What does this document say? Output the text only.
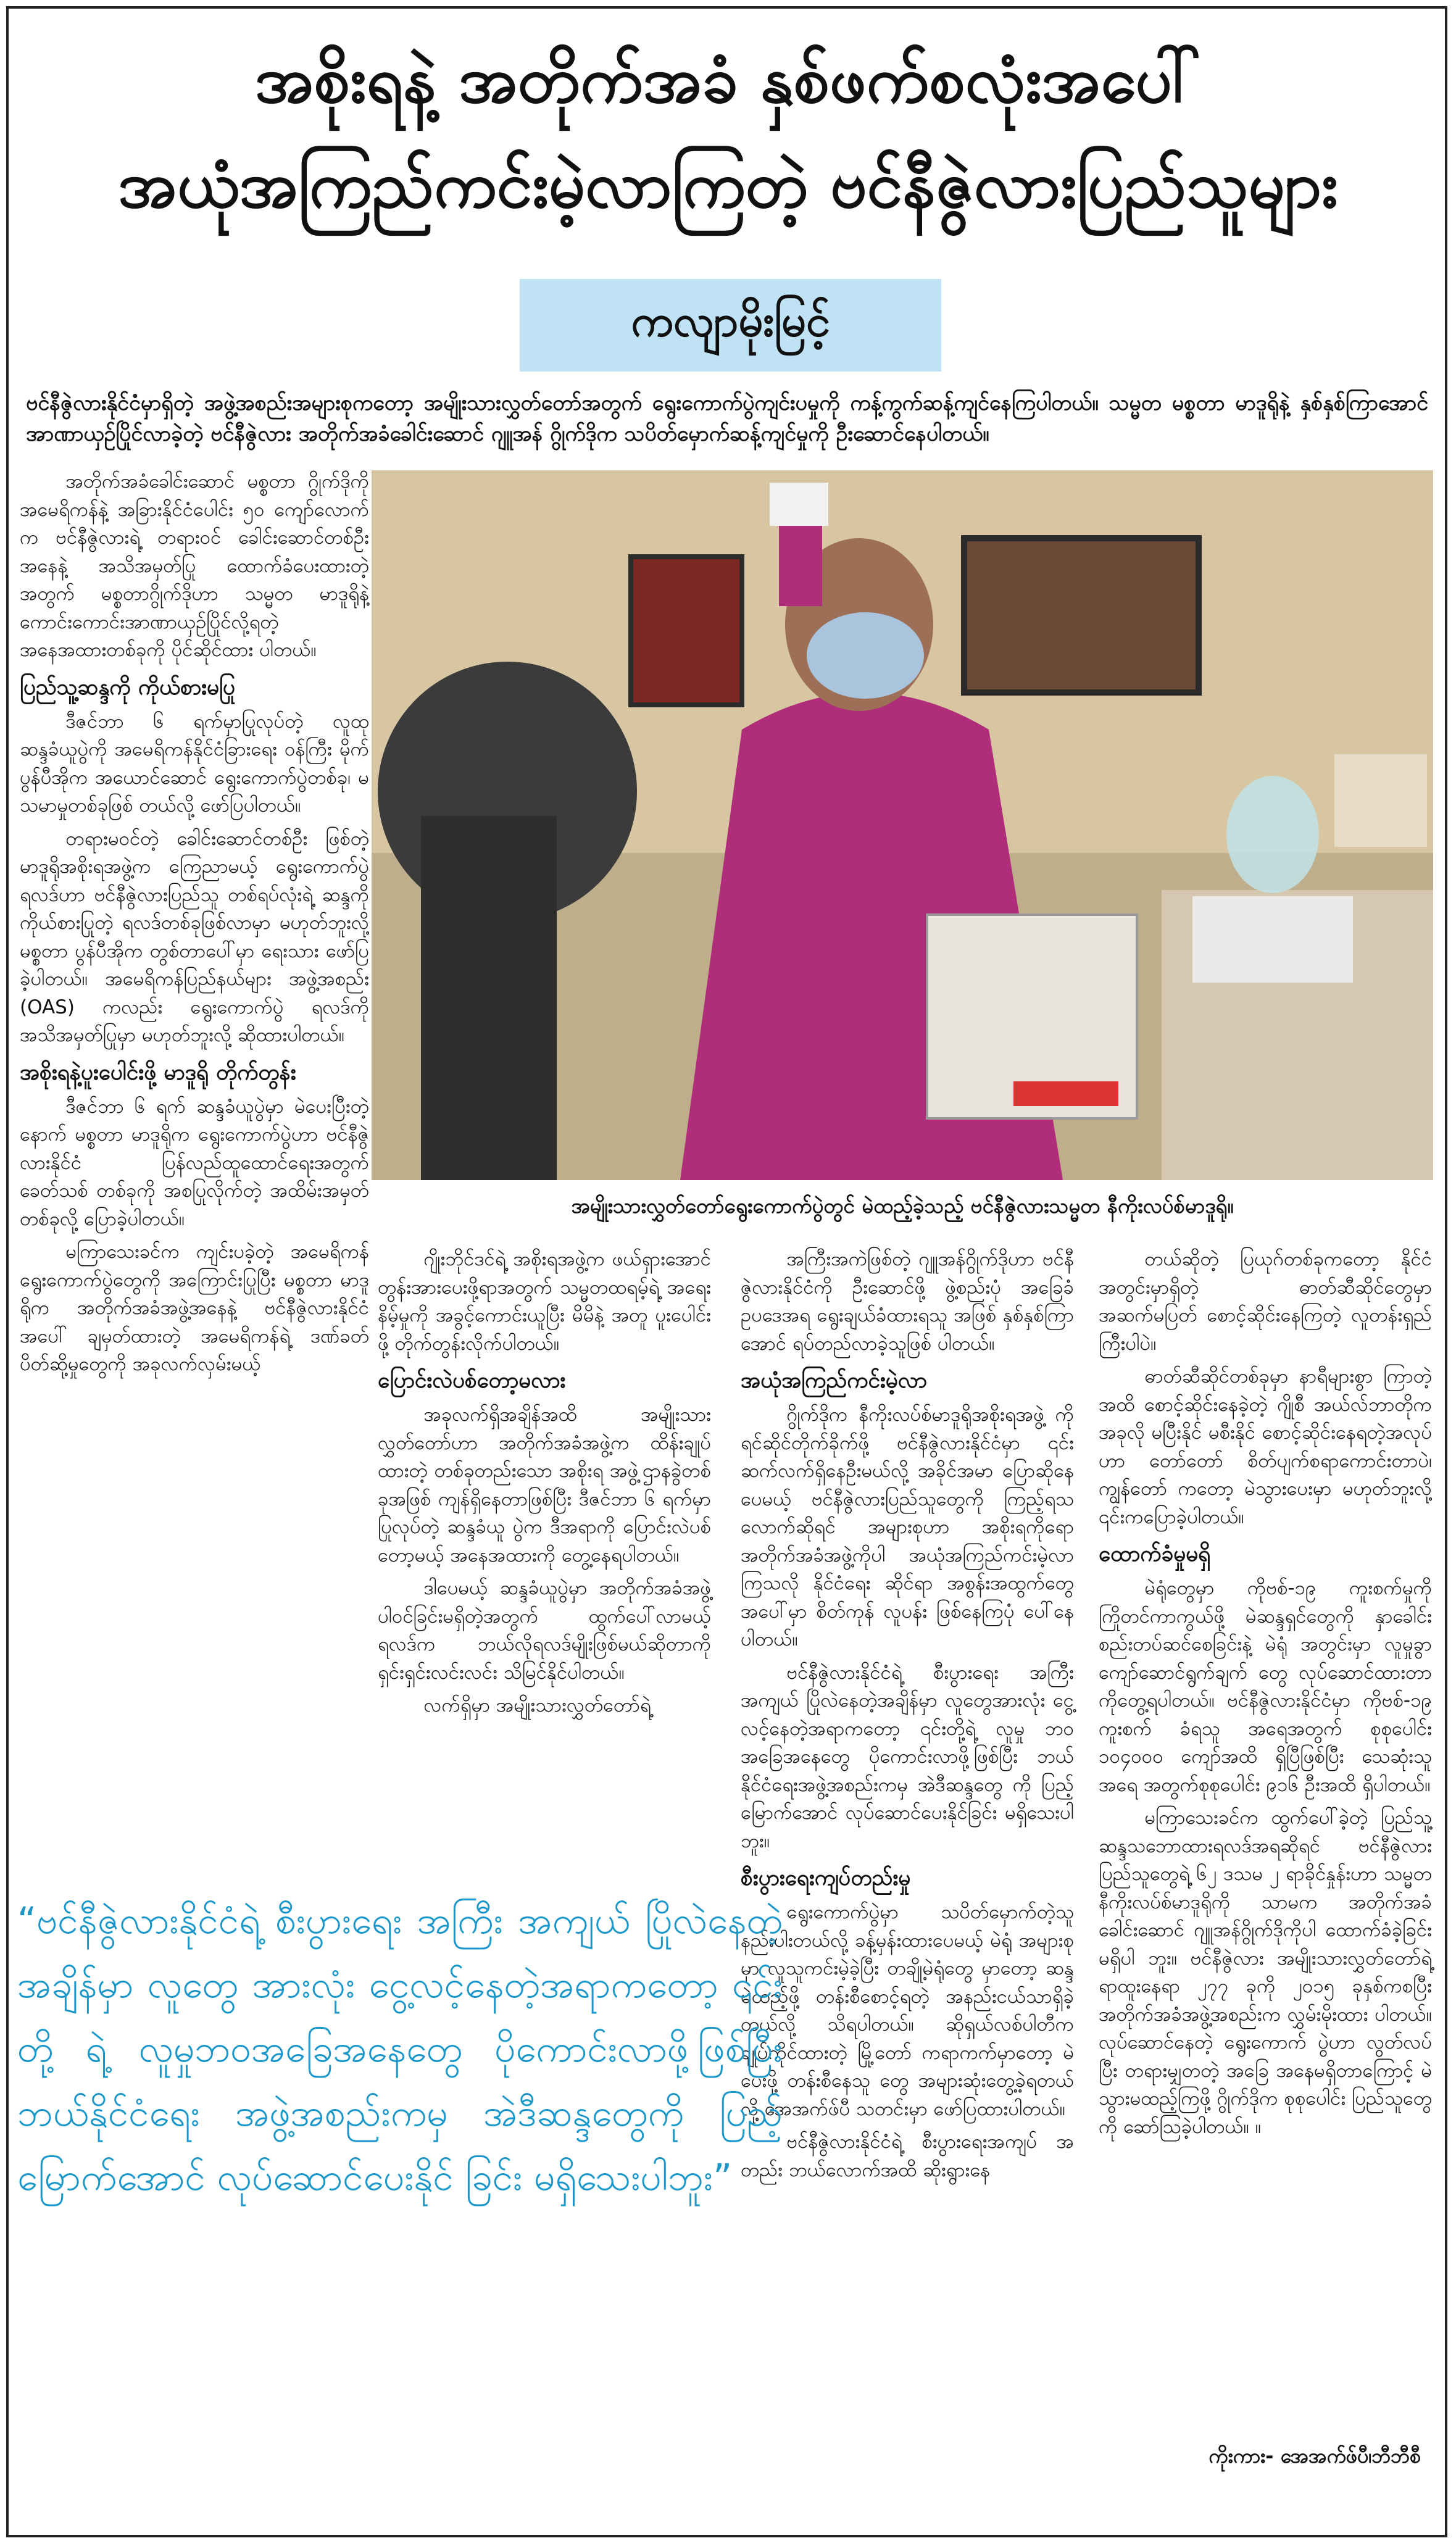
အစိုးရနဲ့ အတိုက်အခံ နှစ်ဖက်စလုံးအပေါ်
အယုံအကြည်ကင်းမဲ့လာကြတဲ့ ဗင်နီဇွဲလားပြည်သူများ
ကလျာမိုးမြင့်
ဗင်နီဇွဲလားနိုင်ငံမှာရှိတဲ့ အဖွဲ့အစည်းအများစုကတော့ အမျိုးသားလွှတ်တော်အတွက် ရွေးကောက်ပွဲကျင်းပမှုကို ကန့်ကွက်ဆန့်ကျင်နေကြပါတယ်။ သမ္မတ မစ္စတာ မာဒူရိုနဲ့ နှစ်နှစ်ကြာအောင် အာဏာယှဉ်ပြိုင်လာခဲ့တဲ့ ဗင်နီဇွဲလား အတိုက်အခံခေါင်းဆောင် ဂျူအန် ဂွိုက်ဒိုက သပိတ်မှောက်ဆန့်ကျင်မှုကို ဦးဆောင်နေပါတယ်။
အမျိုးသားလွှတ်တော်ရွေးကောက်ပွဲတွင် မဲထည့်ခဲ့သည့် ဗင်နီဇွဲလားသမ္မတ နီကိုးလပ်စ်မာဒူရို။

အတိုက်အခံခေါင်းဆောင် မစ္စတာ ဂွိုက်ဒိုကို အမေရိကန်နဲ့ အခြားနိုင်ငံပေါင်း ၅၀ ကျော်လောက်က ဗင်နီဇွဲလားရဲ့ တရားဝင် ခေါင်းဆောင်တစ်ဦးအနေနဲ့ အသိအမှတ်ပြု ထောက်ခံပေးထားတဲ့ အတွက် မစ္စတာဂွိုက်ဒိုဟာ သမ္မတ မာဒူရိုနဲ့ ကောင်းကောင်းအာဏာယှဉ်ပြိုင်လို့ရတဲ့ အနေအထားတစ်ခုကို ပိုင်ဆိုင်ထား ပါတယ်။

ပြည်သူ့ဆန္ဒကို ကိုယ်စားမပြု

ဒီဇင်ဘာ ၆ ရက်မှာပြုလုပ်တဲ့ လူထု ဆန္ဒခံယူပွဲကို အမေရိကန်နိုင်ငံခြားရေး ဝန်ကြီး မိုက်ပွန်ပီအိုက အယောင်ဆောင် ရွေးကောက်ပွဲတစ်ခု၊ မသမာမှုတစ်ခုဖြစ် တယ်လို့ ဖော်ပြပါတယ်။

တရားမဝင်တဲ့ ခေါင်းဆောင်တစ်ဦး ဖြစ်တဲ့ မာဒူရိုအစိုးရအဖွဲ့က ကြေညာမယ့် ရွေးကောက်ပွဲရလဒ်ဟာ ဗင်နီဇွဲလားပြည်သူ တစ်ရပ်လုံးရဲ့ ဆန္ဒကို ကိုယ်စားပြုတဲ့ ရလဒ်တစ်ခုဖြစ်လာမှာ မဟုတ်ဘူးလို့ မစ္စတာ ပွန်ပီအိုက တွစ်တာပေါ်မှာ ရေးသား ဖော်ပြခဲ့ပါတယ်။ အမေရိကန်ပြည်နယ်များ အဖွဲ့အစည်း (OAS) ကလည်း ရွေးကောက်ပွဲ ရလဒ်ကို အသိအမှတ်ပြုမှာ မဟုတ်ဘူးလို့ ဆိုထားပါတယ်။

အစိုးရနဲ့ပူးပေါင်းဖို့ မာဒူရို တိုက်တွန်း

ဒီဇင်ဘာ ၆ ရက် ဆန္ဒခံယူပွဲမှာ မဲပေးပြီးတဲ့နောက် မစ္စတာ မာဒူရိုက ရွေးကောက်ပွဲဟာ ဗင်နီဇွဲလားနိုင်ငံ ပြန်လည်ထူထောင်ရေးအတွက် ခေတ်သစ် တစ်ခုကို အစပြုလိုက်တဲ့ အထိမ်းအမှတ် တစ်ခုလို့ ပြောခဲ့ပါတယ်။

မကြာသေးခင်က ကျင်းပခဲ့တဲ့ အမေရိကန် ရွေးကောက်ပွဲတွေကို အကြောင်းပြုပြီး မစ္စတာ မာဒူရိုက အတိုက်အခံအဖွဲ့အနေနဲ့ ဗင်နီဇွဲလားနိုင်ငံ အပေါ် ချမှတ်ထားတဲ့ အမေရိကန်ရဲ့ ဒဏ်ခတ်ပိတ်ဆို့မှုတွေကို အခုလက်လှမ်းမယ့်

ဂျိုးဘိုင်ဒင်ရဲ့ အစိုးရအဖွဲ့က ဖယ်ရှားအောင် တွန်းအားပေးဖို့ရာအတွက် သမ္မတထရမ့်ရဲ့ အရေးနိမ့်မှုကို အခွင့်ကောင်းယူပြီး မိမိနဲ့ အတူ ပူးပေါင်းဖို့ တိုက်တွန်းလိုက်ပါတယ်။

ပြောင်းလဲပစ်တော့မလား

အခုလက်ရှိအချိန်အထိ အမျိုးသား လွှတ်တော်ဟာ အတိုက်အခံအဖွဲ့က ထိန်းချုပ်ထားတဲ့ တစ်ခုတည်းသော အစိုးရ အဖွဲ့ဌာနခွဲတစ်ခုအဖြစ် ကျန်ရှိနေတာဖြစ်ပြီး ဒီဇင်ဘာ ၆ ရက်မှာ ပြုလုပ်တဲ့ ဆန္ဒခံယူ ပွဲက ဒီအရာကို ပြောင်းလဲပစ်တော့မယ့် အနေအထားကို တွေ့နေရပါတယ်။

ဒါပေမယ့် ဆန္ဒခံယူပွဲမှာ အတိုက်အခံအဖွဲ့ ပါဝင်ခြင်းမရှိတဲ့အတွက် ထွက်ပေါ်လာမယ့် ရလဒ်က ဘယ်လိုရလဒ်မျိုးဖြစ်မယ်ဆိုတာကို ရှင်းရှင်းလင်းလင်း သိမြင်နိုင်ပါတယ်။

လက်ရှိမှာ အမျိုးသားလွှတ်တော်ရဲ့

အကြီးအကဲဖြစ်တဲ့ ဂျူအန်ဂွိုက်ဒိုဟာ ဗင်နီဇွဲလားနိုင်ငံကို ဦးဆောင်ဖို့ ဖွဲ့စည်းပုံ အခြေခံဥပဒေအရ ရွေးချယ်ခံထားရသူ အဖြစ် နှစ်နှစ်ကြာအောင် ရပ်တည်လာခဲ့သူဖြစ် ပါတယ်။

အယုံအကြည်ကင်းမဲ့လာ

ဂွိုက်ဒိုက နီကိုးလပ်စ်မာဒူရိုအစိုးရအဖွဲ့ ကို ရင်ဆိုင်တိုက်ခိုက်ဖို့ ဗင်နီဇွဲလားနိုင်ငံမှာ ၎င်းဆက်လက်ရှိနေဦးမယ်လို့ အခိုင်အမာ ပြောဆိုနေပေမယ့် ဗင်နီဇွဲလားပြည်သူတွေကို ကြည့်ရသလောက်ဆိုရင် အများစုဟာ အစိုးရကိုရော အတိုက်အခံအဖွဲ့ကိုပါ အယုံအကြည်ကင်းမဲ့လာကြသလို နိုင်ငံရေး ဆိုင်ရာ အစွန်းအထွက်တွေအပေါ်မှာ စိတ်ကုန် လူပန်း ဖြစ်နေကြပုံ ပေါ်နေပါတယ်။

ဗင်နီဇွဲလားနိုင်ငံရဲ့ စီးပွားရေး အကြီး အကျယ် ပြိုလဲနေတဲ့အချိန်မှာ လူတွေအားလုံး ငွေ့လင့်နေတဲ့အရာကတော့ ၎င်းတို့ရဲ့ လူမှု ဘဝအခြေအနေတွေ ပိုကောင်းလာဖို့ဖြစ်ပြီး ဘယ်နိုင်ငံရေးအဖွဲ့အစည်းကမှ အဲဒီဆန္ဒတွေ ကို ပြည့်မြောက်အောင် လုပ်ဆောင်ပေးနိုင်ခြင်း မရှိသေးပါဘူး။

စီးပွားရေးကျပ်တည်းမှု

ရွေးကောက်ပွဲမှာ သပိတ်မှောက်တဲ့သူ နည်းပါးတယ်လို့ ခန့်မှန်းထားပေမယ့် မဲရုံ အများစုမှာ လူသူကင်းမဲ့ခဲ့ပြီး တချို့မဲရုံတွေ မှာတော့ ဆန္ဒမဲထည့်ဖို့ တန်းစီစောင့်ရတဲ့ အနည်းငယ်သာရှိခဲ့တယ်လို့ သိရပါတယ်။ ဆိုရှယ်လစ်ပါတီက ချုပ်ကိုင်ထားတဲ့ မြို့တော် ကရာကက်မှာတော့ မဲပေးဖို့ တန်းစီနေသူ တွေ အများဆုံးတွေ့ခဲ့ရတယ်လို့ အေအက်ဖ်ပီ သတင်းမှာ ဖော်ပြထားပါတယ်။

ဗင်နီဇွဲလားနိုင်ငံရဲ့ စီးပွားရေးအကျပ် အတည်း ဘယ်လောက်အထိ ဆိုးရွားနေ

တယ်ဆိုတဲ့ ပြယုဂ်တစ်ခုကတော့ နိုင်ငံ အတွင်းမှာရှိတဲ့ ဓာတ်ဆီဆိုင်တွေမှာ အဆက်မပြတ် စောင့်ဆိုင်းနေကြတဲ့ လူတန်းရှည်ကြီးပါပဲ။

ဓာတ်ဆီဆိုင်တစ်ခုမှာ နာရီများစွာ ကြာတဲ့အထိ စောင့်ဆိုင်းနေခဲ့တဲ့ ဂျိုစီ အယ်လ်ဘာတိုက အခုလို မပြီးနိုင် မစီးနိုင် စောင့်ဆိုင်းနေရတဲ့အလုပ်ဟာ တော်တော် စိတ်ပျက်စရာကောင်းတာပဲ၊ ကျွန်တော် ကတော့ မဲသွားပေးမှာ မဟုတ်ဘူးလို့ ၎င်းကပြောခဲ့ပါတယ်။

ထောက်ခံမှုမရှိ

မဲရုံတွေမှာ ကိုဗစ်-၁၉ ကူးစက်မှုကို ကြိုတင်ကာကွယ်ဖို့ မဲဆန္ဒရှင်တွေကို နှာခေါင်းစည်းတပ်ဆင်စေခြင်းနဲ့ မဲရုံ အတွင်းမှာ လူမှုခွာကျော်ဆောင်ရွက်ချက် တွေ လုပ်ဆောင်ထားတာကိုတွေ့ရပါတယ်။ ဗင်နီဇွဲလားနိုင်ငံမှာ ကိုဗစ်-၁၉ ကူးစက် ခံရသူ အရေအတွက် စုစုပေါင်း ၁၀၄၀၀၀ ကျော်အထိ ရှိပြီဖြစ်ပြီး သေဆုံးသူ အရေ အတွက်စုစုပေါင်း ၉၁၆ ဦးအထိ ရှိပါတယ်။

မကြာသေးခင်က ထွက်ပေါ်ခဲ့တဲ့ ပြည်သူ့ ဆန္ဒသဘောထားရလဒ်အရဆိုရင် ဗင်နီဇွဲလား ပြည်သူတွေရဲ့ ၆၂ ဒသမ ၂ ရာခိုင်နှုန်းဟာ သမ္မတ နီကိုးလပ်စ်မာဒူရိုကို သာမက အတိုက်အခံခေါင်းဆောင် ဂျူအန်ဂွိုက်ဒိုကိုပါ ထောက်ခံခဲ့ခြင်း မရှိပါ ဘူး။ ဗင်နီဇွဲလား အမျိုးသားလွှတ်တော်ရဲ့ ရာထူးနေရာ ၂၇၇ ခုကို ၂၀၁၅ ခုနှစ်ကစပြီး အတိုက်အခံအဖွဲ့အစည်းက လွှမ်းမိုးထား ပါတယ်။ လုပ်ဆောင်နေတဲ့ ရွေးကောက် ပွဲဟာ လွတ်လပ်ပြီး တရားမျှတတဲ့ အခြေ အနေမရှိတာကြောင့် မဲသွားမထည့်ကြဖို့ ဂွိုက်ဒိုက စုစုပေါင်း ပြည်သူတွေကို ဆော်သြခဲ့ပါတယ်။ ။

“ဗင်နီဇွဲလားနိုင်ငံရဲ့ စီးပွားရေး အကြီး အကျယ် ပြိုလဲနေတဲ့အချိန်မှာ လူတွေ အားလုံး ငွေ့လင့်နေတဲ့အရာကတော့ ၎င်းတို့ ရဲ့ လူမှုဘဝအခြေအနေတွေ ပိုကောင်းလာဖို့ဖြစ်ပြီး ဘယ်နိုင်ငံရေး အဖွဲ့အစည်းကမှ အဲဒီဆန္ဒတွေကို ပြည့်မြောက်အောင် လုပ်ဆောင်ပေးနိုင် ခြင်း မရှိသေးပါဘူး”
ကိုးကား- အေအက်ဖ်ပီ၊ဘီဘီစီ
